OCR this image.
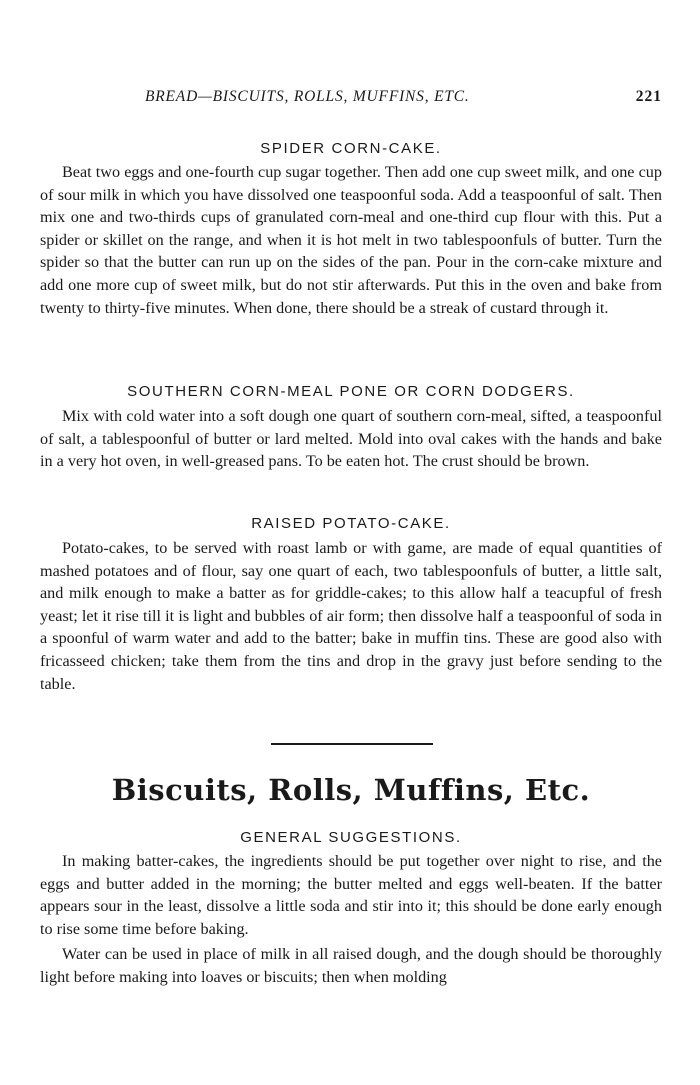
BREAD—BISCUITS, ROLLS, MUFFINS, ETC.	221
SPIDER CORN-CAKE.

Beat two eggs and one-fourth cup sugar together. Then add one cup sweet milk, and one cup of sour milk in which you have dissolved one teaspoonful soda. Add a teaspoonful of salt. Then mix one and two-thirds cups of granulated corn-meal and one-third cup flour with this. Put a spider or skillet on the range, and when it is hot melt in two tablespoonfuls of butter. Turn the spider so that the butter can run up on the sides of the pan. Pour in the corn-cake mixture and add one more cup of sweet milk, but do not stir afterwards. Put this in the oven and bake from twenty to thirty-five minutes. When done, there should be a streak of custard through it.

SOUTHERN CORN-MEAL PONE OR CORN DODGERS.

Mix with cold water into a soft dough one quart of southern corn-meal, sifted, a teaspoonful of salt, a tablespoonful of butter or lard melted. Mold into oval cakes with the hands and bake in a very hot oven, in well-greased pans. To be eaten hot. The crust should be brown.

RAISED POTATO-CAKE.

Potato-cakes, to be served with roast lamb or with game, are made of equal quantities of mashed potatoes and of flour, say one quart of each, two tablespoonfuls of butter, a little salt, and milk enough to make a batter as for griddle-cakes; to this allow half a teacupful of fresh yeast; let it rise till it is light and bubbles of air form; then dissolve half a teaspoonful of soda in a spoonful of warm water and add to the batter; bake in muffin tins. These are good also with fricasseed chicken; take them from the tins and drop in the gravy just before sending to the table.

Biscuits, Rolls, Muffins, Etc.
GENERAL SUGGESTIONS.

In making batter-cakes, the ingredients should be put together over night to rise, and the eggs and butter added in the morning; the butter melted and eggs well-beaten. If the batter appears sour in the least, dissolve a little soda and stir into it; this should be done early enough to rise some time before baking.

Water can be used in place of milk in all raised dough, and the dough should be thoroughly light before making into loaves or biscuits; then when molding
